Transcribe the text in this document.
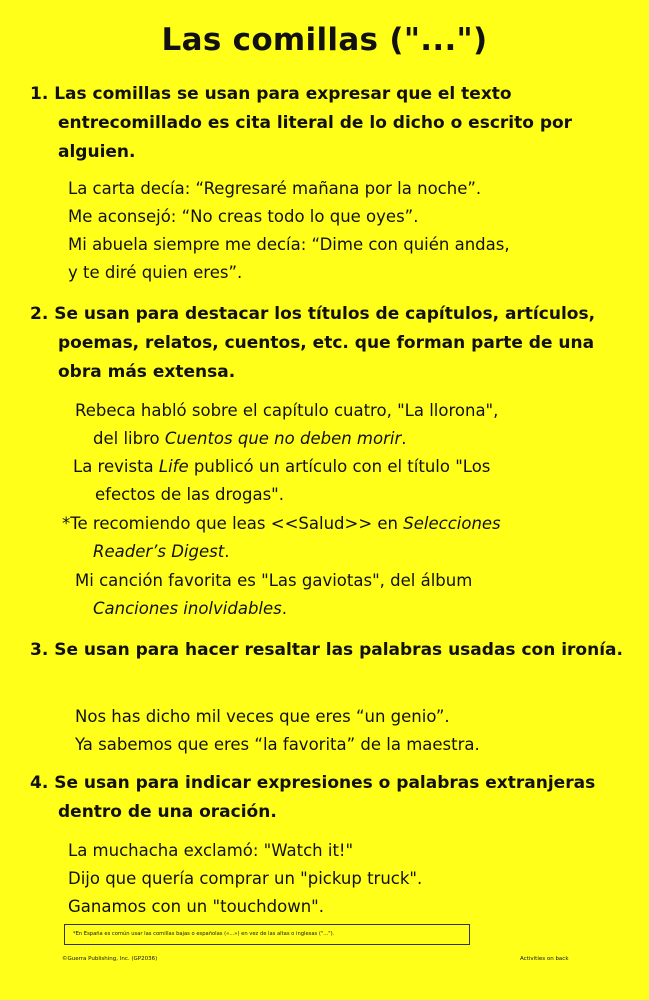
Las comillas ("...")
1. Las comillas se usan para expresar que el texto entrecomillado es cita literal de lo dicho o escrito por alguien.
La carta decía: “Regresaré mañana por la noche”.
Me aconsejó: “No creas todo lo que oyes”.
Mi abuela siempre me decía: “Dime con quién andas,
y te diré quien eres”.
2. Se usan para destacar los títulos de capítulos, artículos, poemas, relatos, cuentos, etc. que forman parte de una obra más extensa.
Rebeca habló sobre el capítulo cuatro, "La llorona",
del libro Cuentos que no deben morir.
La revista Life publicó un artículo con el título "Los
efectos de las drogas".
*Te recomiendo que leas <<Salud>> en Selecciones
Reader’s Digest.
Mi canción favorita es "Las gaviotas", del álbum
Canciones inolvidables.
3. Se usan para hacer resaltar las palabras usadas con ironía.
Nos has dicho mil veces que eres “un genio”.
Ya sabemos que eres “la favorita” de la maestra.
4. Se usan para indicar expresiones o palabras extranjeras dentro de una oración.
La muchacha exclamó: "Watch it!"
Dijo que quería comprar un "pickup truck".
Ganamos con un "touchdown".
*En España es común usar las comillas bajas o españolas («...») en vez de las altas o inglesas ("...").
©Guerra Publishing, Inc. (GP2036)	Activities on back
